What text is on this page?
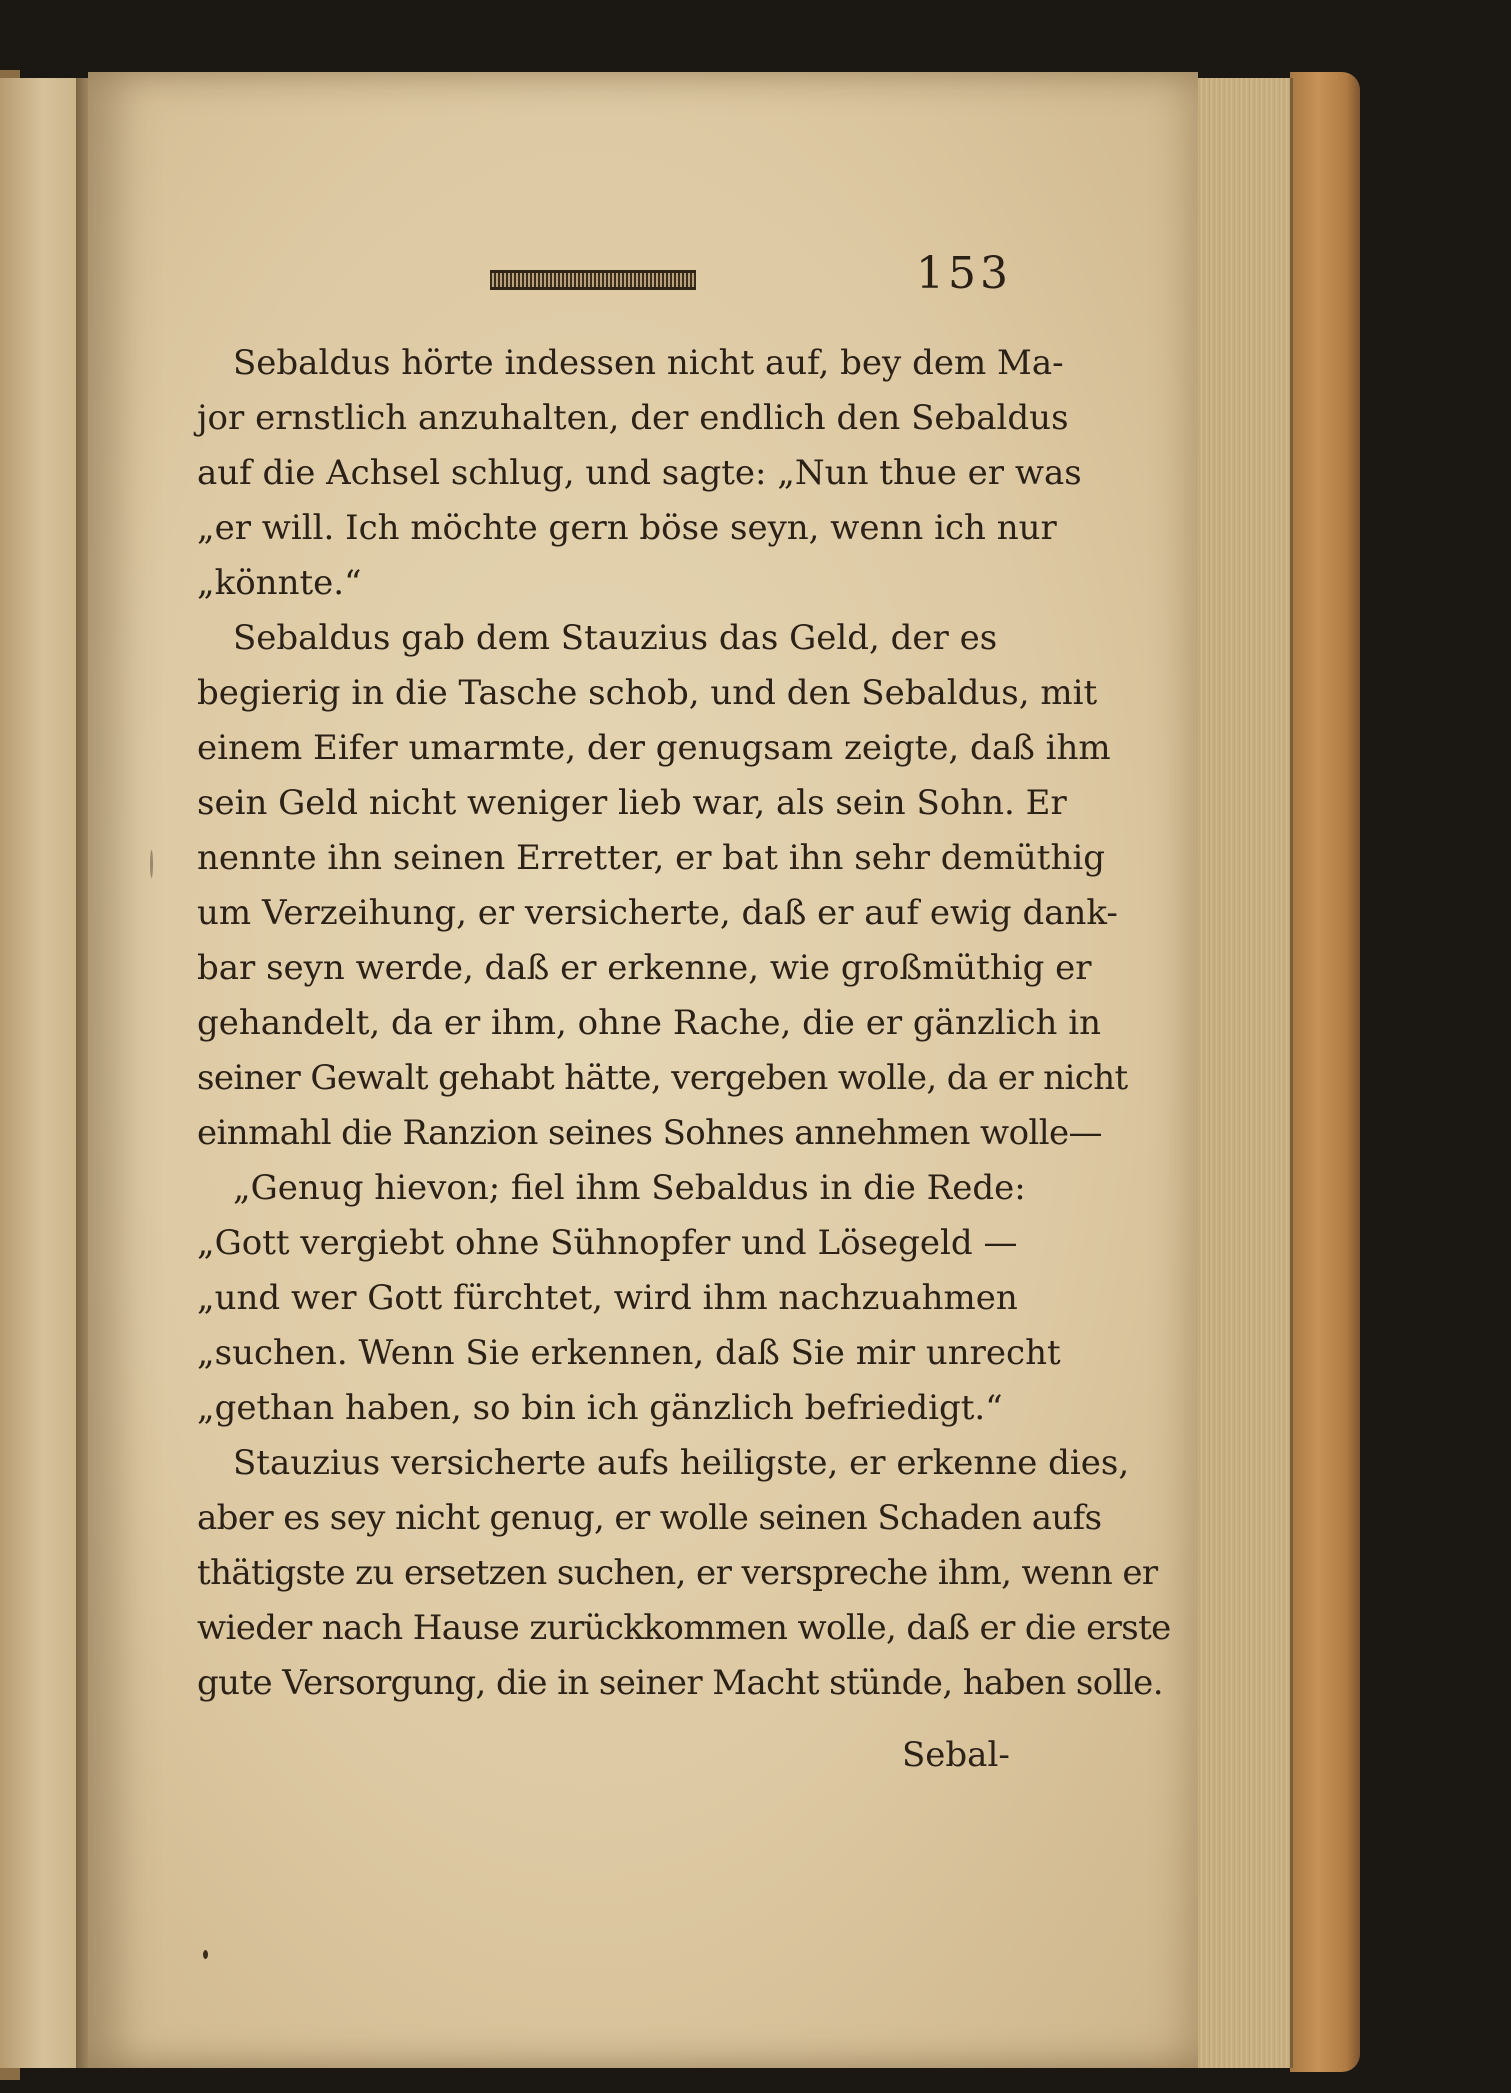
153
Sebaldus hörte indessen nicht auf, bey dem Ma-
jor ernstlich anzuhalten, der endlich den Sebaldus
auf die Achsel schlug, und sagte: „Nun thue er was
„er will. Ich möchte gern böse seyn, wenn ich nur
„könnte.“
Sebaldus gab dem Stauzius das Geld, der es
begierig in die Tasche schob, und den Sebaldus, mit
einem Eifer umarmte, der genugsam zeigte, daß ihm
sein Geld nicht weniger lieb war, als sein Sohn. Er
nennte ihn seinen Erretter, er bat ihn sehr demüthig
um Verzeihung, er versicherte, daß er auf ewig dank-
bar seyn werde, daß er erkenne, wie großmüthig er
gehandelt, da er ihm, ohne Rache, die er gänzlich in
seiner Gewalt gehabt hätte, vergeben wolle, da er nicht
einmahl die Ranzion seines Sohnes annehmen wolle—
„Genug hievon; fiel ihm Sebaldus in die Rede:
„Gott vergiebt ohne Sühnopfer und Lösegeld —
„und wer Gott fürchtet, wird ihm nachzuahmen
„suchen. Wenn Sie erkennen, daß Sie mir unrecht
„gethan haben, so bin ich gänzlich befriedigt.“
Stauzius versicherte aufs heiligste, er erkenne dies,
aber es sey nicht genug, er wolle seinen Schaden aufs
thätigste zu ersetzen suchen, er verspreche ihm, wenn er
wieder nach Hause zurückkommen wolle, daß er die erste
gute Versorgung, die in seiner Macht stünde, haben solle.
Sebal-
